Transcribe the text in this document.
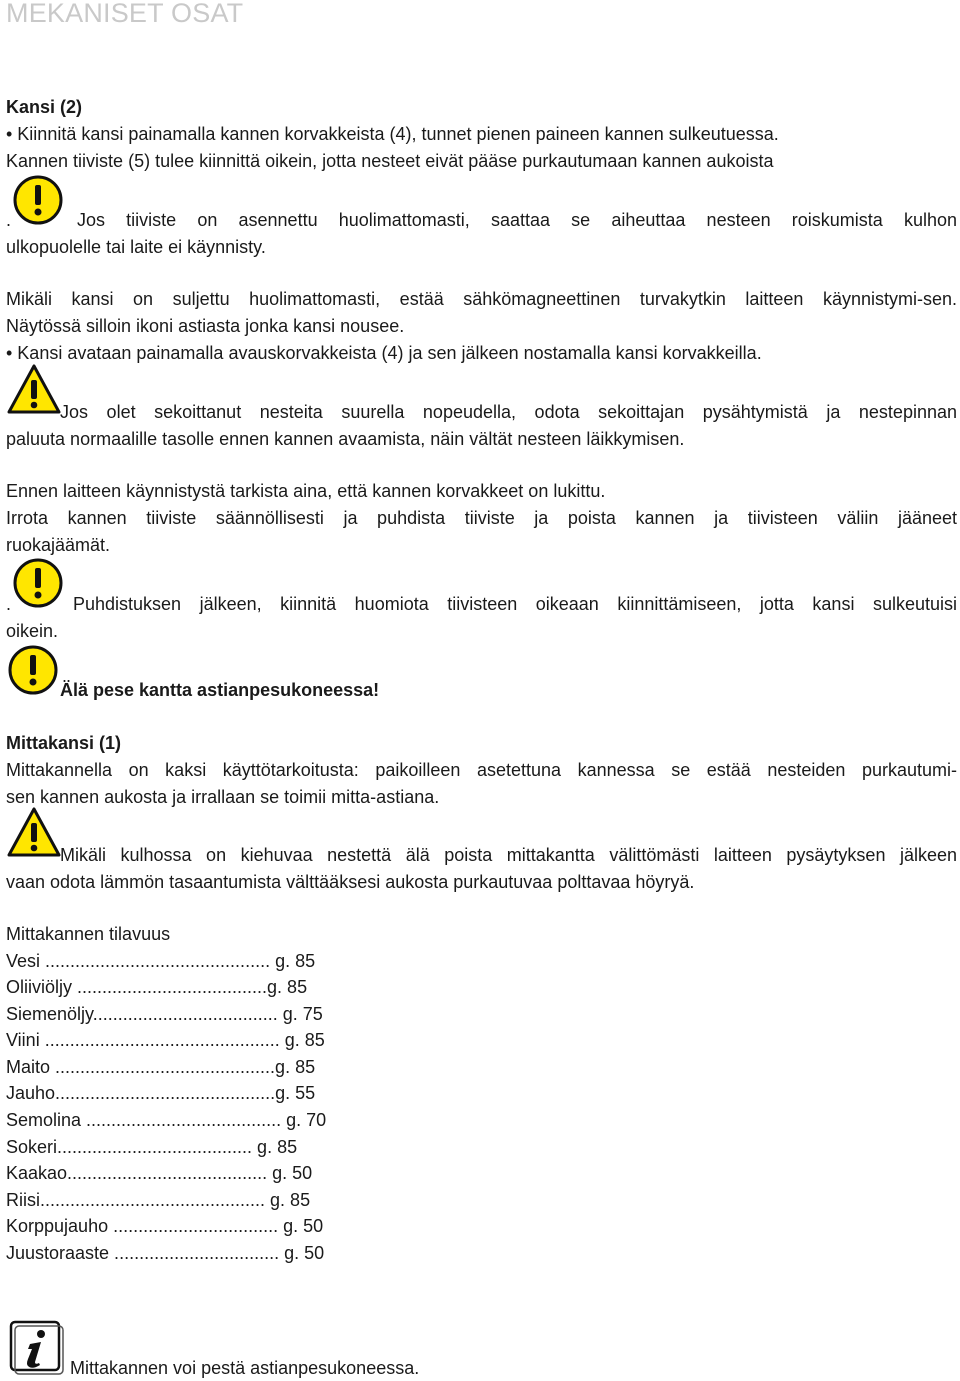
MEKANISET OSAT
Kansi (2)
• Kiinnitä kansi painamalla kannen korvakkeista (4), tunnet pienen paineen kannen sulkeutuessa.
Kannen tiiviste (5) tulee kiinnittä oikein, jotta nesteet eivät pääse purkautumaan kannen aukoista
.	Jos tiiviste on asennettu huolimattomasti, saattaa se aiheuttaa nesteen roiskumista kulhon
ulkopuolelle tai laite ei käynnisty.
Mikäli kansi on suljettu huolimattomasti, estää sähkömagneettinen turvakytkin laitteen käynnistymi-sen.
Näytössä silloin ikoni astiasta jonka kansi nousee.
• Kansi avataan painamalla avauskorvakkeista (4) ja sen jälkeen nostamalla kansi korvakkeilla.
Jos olet sekoittanut nesteita suurella nopeudella, odota sekoittajan pysähtymistä ja nestepinnan
paluuta normaalille tasolle ennen kannen avaamista, näin vältät nesteen läikkymisen.
Ennen laitteen käynnistystä tarkista aina, että kannen korvakkeet on lukittu.
Irrota kannen tiiviste säännöllisesti ja puhdista tiiviste ja poista kannen ja tiivisteen väliin jääneet
ruokajäämät.
.	Puhdistuksen jälkeen, kiinnitä huomiota tiivisteen oikeaan kiinnittämiseen, jotta kansi sulkeutuisi
oikein.
Älä pese kantta astianpesukoneessa!
Mittakansi (1)
Mittakannella on kaksi käyttötarkoitusta: paikoilleen asetettuna kannessa se estää nesteiden purkautumi-
sen kannen aukosta ja irrallaan se toimii mitta-astiana.
Mikäli kulhossa on kiehuvaa nestettä älä poista mittakantta välittömästi laitteen pysäytyksen jälkeen
vaan odota lämmön tasaantumista välttääksesi aukosta purkautuvaa polttavaa höyryä.
Mittakannen tilavuus
Vesi ............................................. g. 85
Oliiviöljy ......................................g. 85
Siemenöljy..................................... g. 75
Viini ............................................... g. 85
Maito ............................................g. 85
Jauho............................................g. 55
Semolina ....................................... g. 70
Sokeri....................................... g. 85
Kaakao........................................ g. 50
Riisi............................................. g. 85
Korppujauho ................................. g. 50
Juustoraaste ................................. g. 50
Mittakannen voi pestä astianpesukoneessa.
